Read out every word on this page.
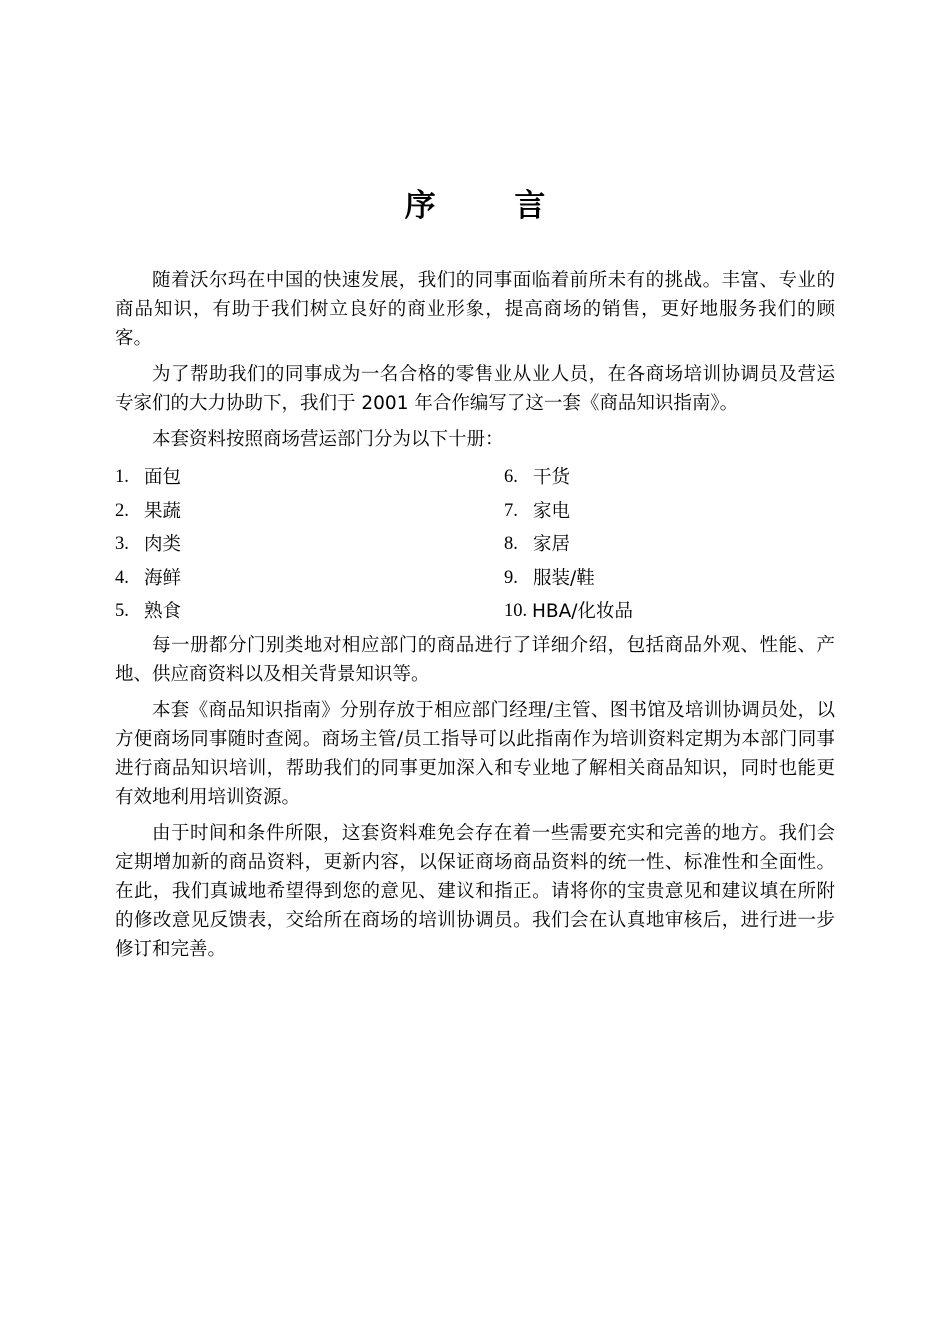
序 言

随着沃尔玛在中国的快速发展，我们的同事面临着前所未有的挑战。丰富、专业的商品知识，有助于我们树立良好的商业形象，提高商场的销售，更好地服务我们的顾客。

为了帮助我们的同事成为一名合格的零售业从业人员，在各商场培训协调员及营运专家们的大力协助下，我们于 2001 年合作编写了这一套《商品知识指南》。

本套资料按照商场营运部门分为以下十册：

1. 面包	6. 干货
2. 果蔬	7. 家电
3. 肉类	8. 家居
4. 海鲜	9. 服装/鞋
5. 熟食	10. HBA/化妆品

每一册都分门别类地对相应部门的商品进行了详细介绍，包括商品外观、性能、产地、供应商资料以及相关背景知识等。

本套《商品知识指南》分别存放于相应部门经理/主管、图书馆及培训协调员处，以方便商场同事随时查阅。商场主管/员工指导可以此指南作为培训资料定期为本部门同事进行商品知识培训，帮助我们的同事更加深入和专业地了解相关商品知识，同时也能更有效地利用培训资源。

由于时间和条件所限，这套资料难免会存在着一些需要充实和完善的地方。我们会定期增加新的商品资料，更新内容，以保证商场商品资料的统一性、标准性和全面性。在此，我们真诚地希望得到您的意见、建议和指正。请将你的宝贵意见和建议填在所附的修改意见反馈表，交给所在商场的培训协调员。我们会在认真地审核后，进行进一步修订和完善。
